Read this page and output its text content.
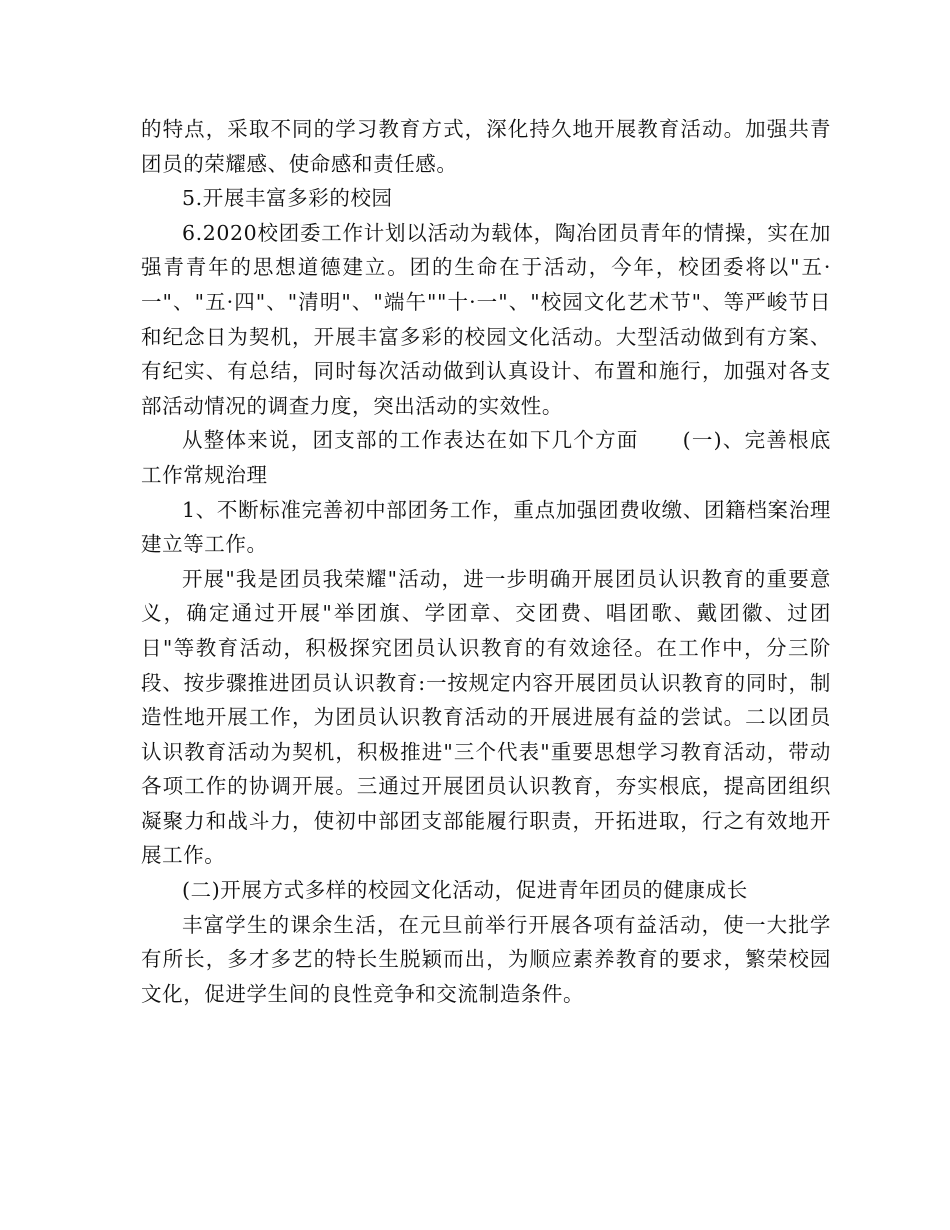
的特点，采取不同的学习教育方式，深化持久地开展教育活动。加强共青团员的荣耀感、使命感和责任感。

5.开展丰富多彩的校园

6.2020校团委工作计划以活动为载体，陶冶团员青年的情操，实在加强青青年的思想道德建立。团的生命在于活动，今年，校团委将以"五·一"、"五·四"、"清明"、"端午""十·一"、"校园文化艺术节"、等严峻节日和纪念日为契机，开展丰富多彩的校园文化活动。大型活动做到有方案、有纪实、有总结，同时每次活动做到认真设计、布置和施行，加强对各支部活动情况的调查力度，突出活动的实效性。

从整体来说，团支部的工作表达在如下几个方面 (一)、完善根底工作常规治理

1、不断标准完善初中部团务工作，重点加强团费收缴、团籍档案治理建立等工作。

开展"我是团员我荣耀"活动，进一步明确开展团员认识教育的重要意义，确定通过开展"举团旗、学团章、交团费、唱团歌、戴团徽、过团日"等教育活动，积极探究团员认识教育的有效途径。在工作中，分三阶段、按步骤推进团员认识教育:一按规定内容开展团员认识教育的同时，制造性地开展工作，为团员认识教育活动的开展进展有益的尝试。二以团员认识教育活动为契机，积极推进"三个代表"重要思想学习教育活动，带动各项工作的协调开展。三通过开展团员认识教育，夯实根底，提高团组织凝聚力和战斗力，使初中部团支部能履行职责，开拓进取，行之有效地开展工作。

(二)开展方式多样的校园文化活动，促进青年团员的健康成长

丰富学生的课余生活，在元旦前举行开展各项有益活动，使一大批学有所长，多才多艺的特长生脱颖而出，为顺应素养教育的要求，繁荣校园文化，促进学生间的良性竞争和交流制造条件。
